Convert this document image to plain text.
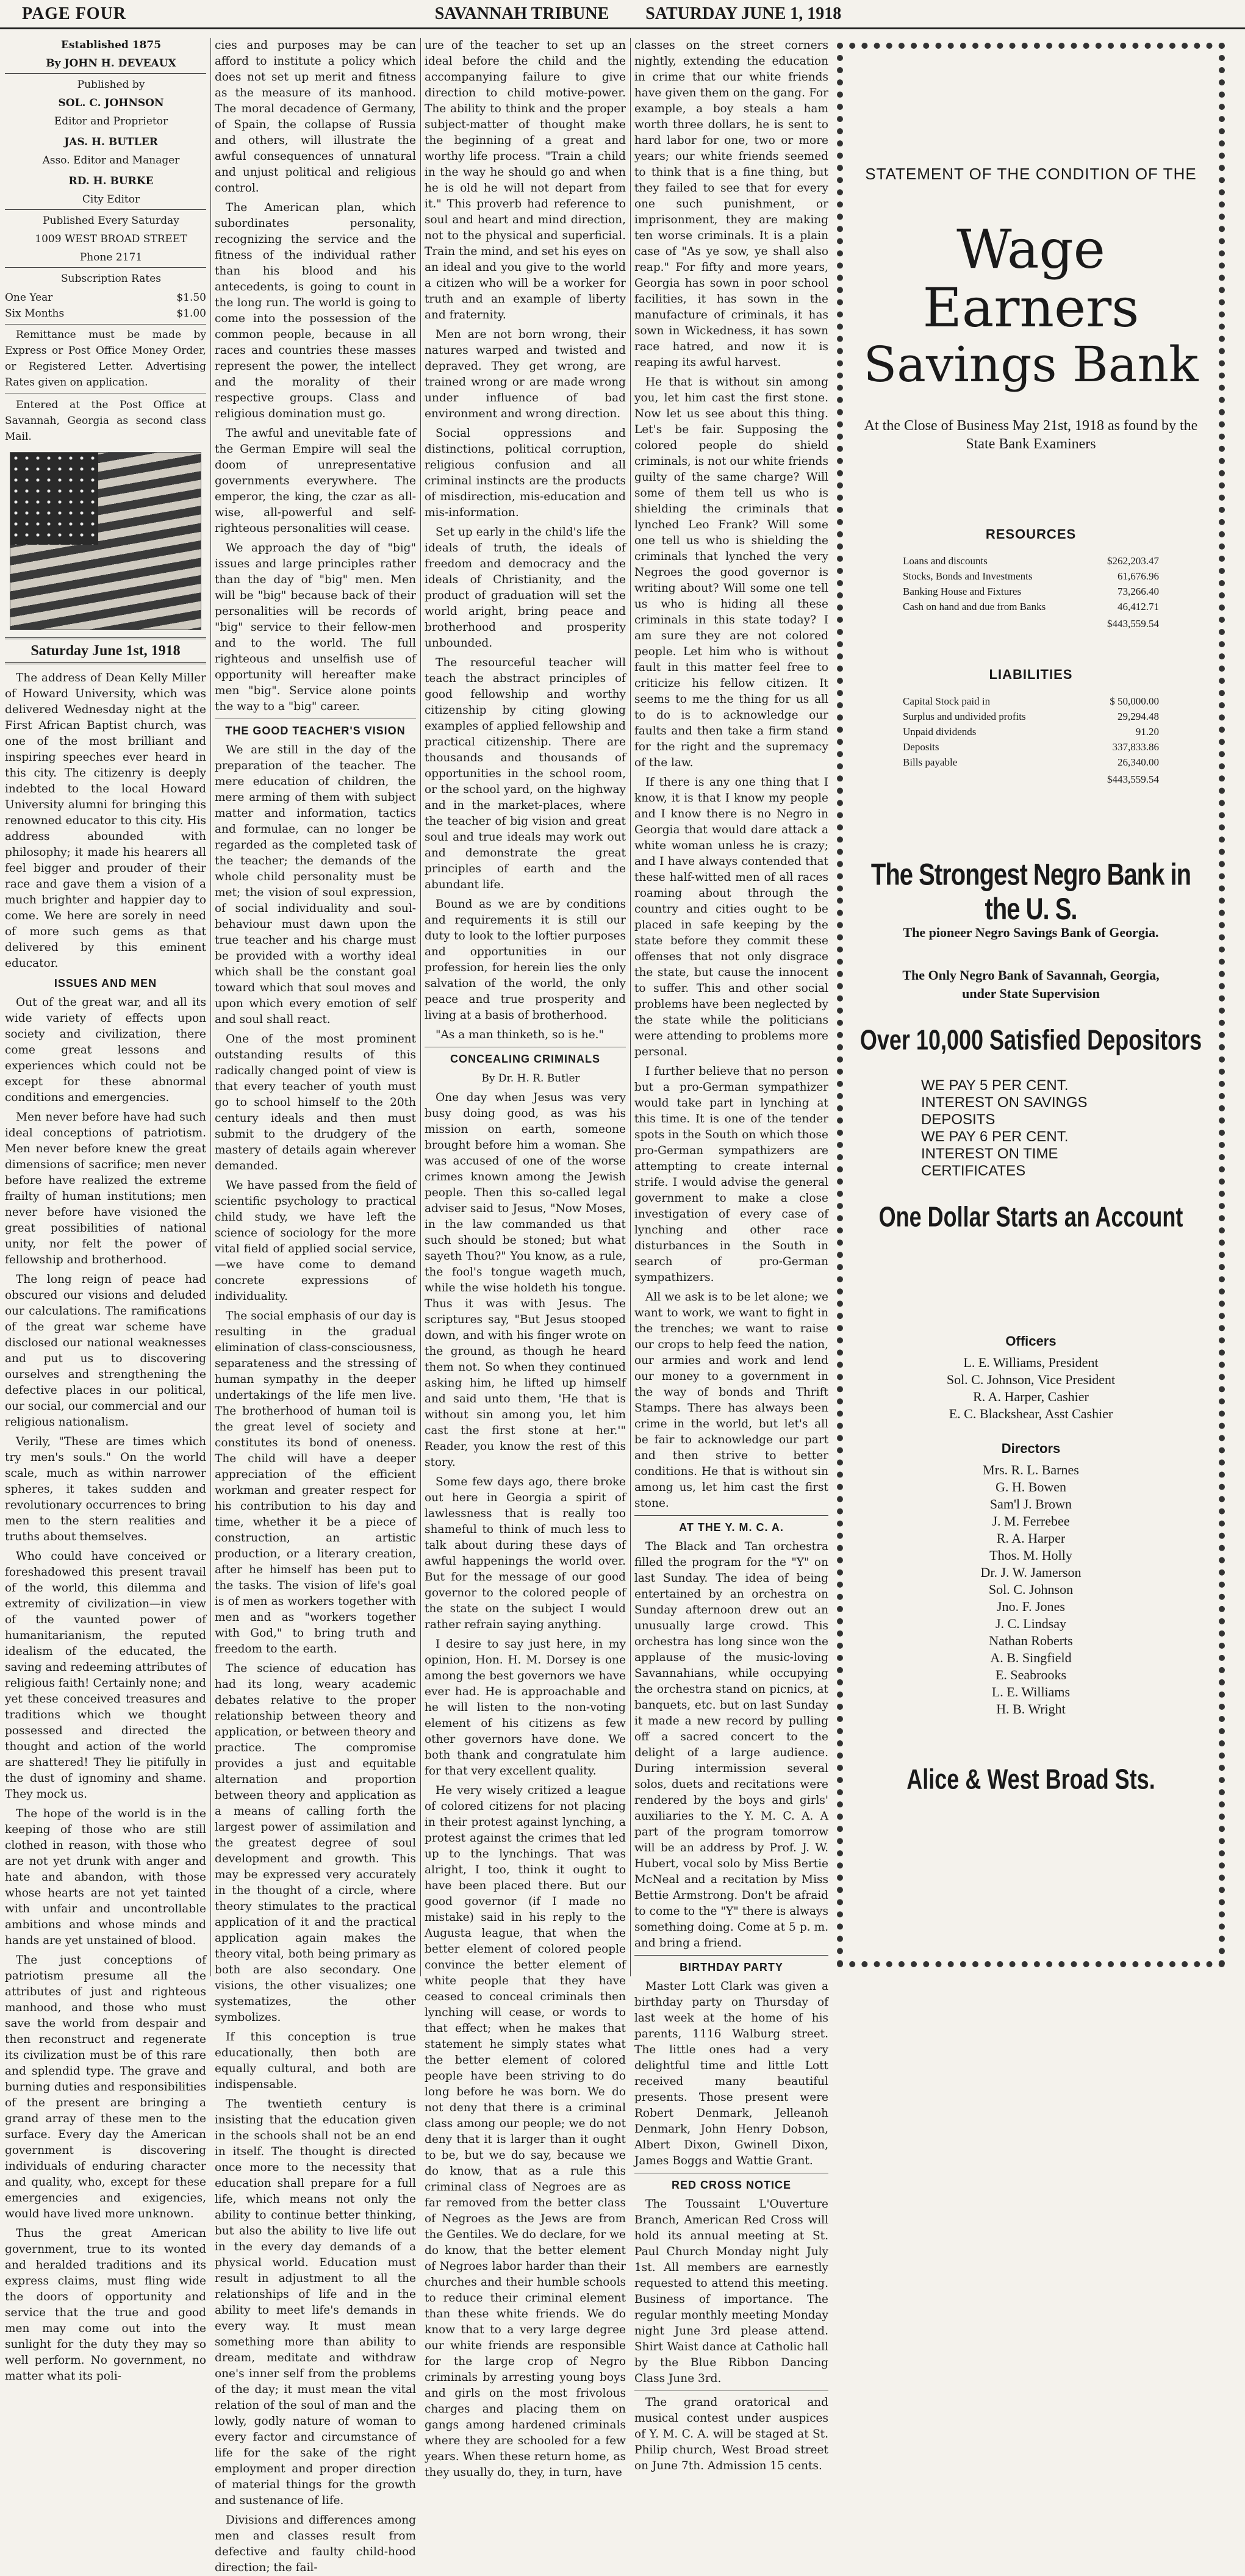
PAGE FOUR	SAVANNAH TRIBUNE SATURDAY JUNE 1, 1918

Established 1875

By JOHN H. DEVEAUX

Published by

SOL. C. JOHNSON

Editor and Proprietor

JAS. H. BUTLER

Asso. Editor and Manager

RD. H. BURKE

City Editor

Published Every Saturday

1009 WEST BROAD STREET

Phone 2171

Subscription Rates

One Year	$1.50
Six Months	$1.00

Remittance must be made by Express or Post Office Money Order, or Registered Letter. Advertising Rates given on application.

Entered at the Post Office at Savannah, Georgia as second class Mail.

Saturday June 1st, 1918

The address of Dean Kelly Miller of Howard University, which was delivered Wednesday night at the First African Baptist church, was one of the most brilliant and inspiring speeches ever heard in this city. The citizenry is deeply indebted to the local Howard University alumni for bringing this renowned educator to this city. His address abounded with philosophy; it made his hearers all feel bigger and prouder of their race and gave them a vision of a much brighter and happier day to come. We here are sorely in need of more such gems as that delivered by this eminent educator.

ISSUES AND MEN

Out of the great war, and all its wide variety of effects upon society and civilization, there come great lessons and experiences which could not be except for these abnormal conditions and emergencies.

Men never before have had such ideal conceptions of patriotism. Men never before knew the great dimensions of sacrifice; men never before have realized the extreme frailty of human institutions; men never before have visioned the great possibilities of national unity, nor felt the power of fellowship and brotherhood.

The long reign of peace had obscured our visions and deluded our calculations. The ramifications of the great war scheme have disclosed our national weaknesses and put us to discovering ourselves and strengthening the defective places in our political, our social, our commercial and our religious nationalism.

Verily, "These are times which try men's souls." On the world scale, much as within narrower spheres, it takes sudden and revolutionary occurrences to bring men to the stern realities and truths about themselves.

Who could have conceived or foreshadowed this present travail of the world, this dilemma and extremity of civilization—in view of the vaunted power of humanitarianism, the reputed idealism of the educated, the saving and redeeming attributes of religious faith! Certainly none; and yet these conceived treasures and traditions which we thought possessed and directed the thought and action of the world are shattered! They lie pitifully in the dust of ignominy and shame. They mock us.

The hope of the world is in the keeping of those who are still clothed in reason, with those who are not yet drunk with anger and hate and abandon, with those whose hearts are not yet tainted with unfair and uncontrollable ambitions and whose minds and hands are yet unstained of blood.

The just conceptions of patriotism presume all the attributes of just and righteous manhood, and those who must save the world from despair and then reconstruct and regenerate its civilization must be of this rare and splendid type. The grave and burning duties and responsibilities of the present are bringing a grand array of these men to the surface. Every day the American government is discovering individuals of enduring character and quality, who, except for these emergencies and exigencies, would have lived more unknown.

Thus the great American government, true to its wonted and heralded traditions and its express claims, must fling wide the doors of opportunity and service that the true and good men may come out into the sunlight for the duty they may so well perform. No government, no matter what its poli-

cies and purposes may be can afford to institute a policy which does not set up merit and fitness as the measure of its manhood. The moral decadence of Germany, of Spain, the collapse of Russia and others, will illustrate the awful consequences of unnatural and unjust political and religious control.

The American plan, which subordinates personality, recognizing the service and the fitness of the individual rather than his blood and his antecedents, is going to count in the long run. The world is going to come into the possession of the common people, because in all races and countries these masses represent the power, the intellect and the morality of their respective groups. Class and religious domination must go.

The awful and unevitable fate of the German Empire will seal the doom of unrepresentative governments everywhere. The emperor, the king, the czar as all-wise, all-powerful and self-righteous personalities will cease.

We approach the day of "big" issues and large principles rather than the day of "big" men. Men will be "big" because back of their personalities will be records of "big" service to their fellow-men and to the world. The full righteous and unselfish use of opportunity will hereafter make men "big". Service alone points the way to a "big" career.

THE GOOD TEACHER'S VISION

We are still in the day of the preparation of the teacher. The mere education of children, the mere arming of them with subject matter and information, tactics and formulae, can no longer be regarded as the completed task of the teacher; the demands of the whole child personality must be met; the vision of soul expression, of social individuality and soul-behaviour must dawn upon the true teacher and his charge must be provided with a worthy ideal which shall be the constant goal toward which that soul moves and upon which every emotion of self and soul shall react.

One of the most prominent outstanding results of this radically changed point of view is that every teacher of youth must go to school himself to the 20th century ideals and then must submit to the drudgery of the mastery of details again wherever demanded.

We have passed from the field of scientific psychology to practical child study, we have left the science of sociology for the more vital field of applied social service,—we have come to demand concrete expressions of individuality.

The social emphasis of our day is resulting in the gradual elimination of class-consciousness, separateness and the stressing of human sympathy in the deeper undertakings of the life men live. The brotherhood of human toil is the great level of society and constitutes its bond of oneness. The child will have a deeper appreciation of the efficient workman and greater respect for his contribution to his day and time, whether it be a piece of construction, an artistic production, or a literary creation, after he himself has been put to the tasks. The vision of life's goal is of men as workers together with men and as "workers together with God," to bring truth and freedom to the earth.

The science of education has had its long, weary academic debates relative to the proper relationship between theory and application, or between theory and practice. The compromise provides a just and equitable alternation and proportion between theory and application as a means of calling forth the largest power of assimilation and the greatest degree of soul development and growth. This may be expressed very accurately in the thought of a circle, where theory stimulates to the practical application of it and the practical application again makes the theory vital, both being primary as both are also secondary. One visions, the other visualizes; one systematizes, the other symbolizes.

If this conception is true educationally, then both are equally cultural, and both are indispensable.

The twentieth century is insisting that the education given in the schools shall not be an end in itself. The thought is directed once more to the necessity that education shall prepare for a full life, which means not only the ability to continue better thinking, but also the ability to live life out in the every day demands of a physical world. Education must result in adjustment to all the relationships of life and in the ability to meet life's demands in every way. It must mean something more than ability to dream, meditate and withdraw one's inner self from the problems of the day; it must mean the vital relation of the soul of man and the lowly, godly nature of woman to every factor and circumstance of life for the sake of the right employment and proper direction of material things for the growth and sustenance of life.

Divisions and differences among men and classes result from defective and faulty child-hood direction; the fail-

ure of the teacher to set up an ideal before the child and the accompanying failure to give direction to child motive-power. The ability to think and the proper subject-matter of thought make the beginning of a great and worthy life process. "Train a child in the way he should go and when he is old he will not depart from it." This proverb had reference to soul and heart and mind direction, not to the physical and superficial. Train the mind, and set his eyes on an ideal and you give to the world a citizen who will be a worker for truth and an example of liberty and fraternity.

Men are not born wrong, their natures warped and twisted and depraved. They get wrong, are trained wrong or are made wrong under influence of bad environment and wrong direction.

Social oppressions and distinctions, political corruption, religious confusion and all criminal instincts are the products of misdirection, mis-education and mis-information.

Set up early in the child's life the ideals of truth, the ideals of freedom and democracy and the ideals of Christianity, and the product of graduation will set the world aright, bring peace and brotherhood and prosperity unbounded.

The resourceful teacher will teach the abstract principles of good fellowship and worthy citizenship by citing glowing examples of applied fellowship and practical citizenship. There are thousands and thousands of opportunities in the school room, or the school yard, on the highway and in the market-places, where the teacher of big vision and great soul and true ideals may work out and demonstrate the great principles of earth and the abundant life.

Bound as we are by conditions and requirements it is still our duty to look to the loftier purposes and opportunities in our profession, for herein lies the only salvation of the world, the only peace and true prosperity and living at a basis of brotherhood.

"As a man thinketh, so is he."

CONCEALING CRIMINALS

By Dr. H. R. Butler

One day when Jesus was very busy doing good, as was his mission on earth, someone brought before him a woman. She was accused of one of the worse crimes known among the Jewish people. Then this so-called legal adviser said to Jesus, "Now Moses, in the law commanded us that such should be stoned; but what sayeth Thou?" You know, as a rule, the fool's tongue wageth much, while the wise holdeth his tongue. Thus it was with Jesus. The scriptures say, "But Jesus stooped down, and with his finger wrote on the ground, as though he heard them not. So when they continued asking him, he lifted up himself and said unto them, 'He that is without sin among you, let him cast the first stone at her.'" Reader, you know the rest of this story.

Some few days ago, there broke out here in Georgia a spirit of lawlessness that is really too shameful to think of much less to talk about during these days of awful happenings the world over. But for the message of our good governor to the colored people of the state on the subject I would rather refrain saying anything.

I desire to say just here, in my opinion, Hon. H. M. Dorsey is one among the best governors we have ever had. He is approachable and he will listen to the non-voting element of his citizens as few other governors have done. We both thank and congratulate him for that very excellent quality.

He very wisely critized a league of colored citizens for not placing in their protest against lynching, a protest against the crimes that led up to the lynchings. That was alright, I too, think it ought to have been placed there. But our good governor (if I made no mistake) said in his reply to the Augusta league, that when the better element of colored people convince the better element of white people that they have ceased to conceal criminals then lynching will cease, or words to that effect; when he makes that statement he simply states what the better element of colored people have been striving to do long before he was born. We do not deny that there is a criminal class among our people; we do not deny that it is larger than it ought to be, but we do say, because we do know, that as a rule this criminal class of Negroes are as far removed from the better class of Negroes as the Jews are from the Gentiles. We do declare, for we do know, that the better element of Negroes labor harder than their churches and their humble schools to reduce their criminal element than these white friends. We do know that to a very large degree our white friends are responsible for the large crop of Negro criminals by arresting young boys and girls on the most frivolous charges and placing them on gangs among hardened criminals where they are schooled for a few years. When these return home, as they usually do, they, in turn, have

classes on the street corners nightly, extending the education in crime that our white friends have given them on the gang. For example, a boy steals a ham worth three dollars, he is sent to hard labor for one, two or more years; our white friends seemed to think that is a fine thing, but they failed to see that for every one such punishment, or imprisonment, they are making ten worse criminals. It is a plain case of "As ye sow, ye shall also reap." For fifty and more years, Georgia has sown in poor school facilities, it has sown in the manufacture of criminals, it has sown in Wickedness, it has sown race hatred, and now it is reaping its awful harvest.

He that is without sin among you, let him cast the first stone. Now let us see about this thing. Let's be fair. Supposing the colored people do shield criminals, is not our white friends guilty of the same charge? Will some of them tell us who is shielding the criminals that lynched Leo Frank? Will some one tell us who is shielding the criminals that lynched the very Negroes the good governor is writing about? Will some one tell us who is hiding all these criminals in this state today? I am sure they are not colored people. Let him who is without fault in this matter feel free to criticize his fellow citizen. It seems to me the thing for us all to do is to acknowledge our faults and then take a firm stand for the right and the supremacy of the law.

If there is any one thing that I know, it is that I know my people and I know there is no Negro in Georgia that would dare attack a white woman unless he is crazy; and I have always contended that these half-witted men of all races roaming about through the country and cities ought to be placed in safe keeping by the state before they commit these offenses that not only disgrace the state, but cause the innocent to suffer. This and other social problems have been neglected by the state while the politicians were attending to problems more personal.

I further believe that no person but a pro-German sympathizer would take part in lynching at this time. It is one of the tender spots in the South on which those pro-German sympathizers are attempting to create internal strife. I would advise the general government to make a close investigation of every case of lynching and other race disturbances in the South in search of pro-German sympathizers.

All we ask is to be let alone; we want to work, we want to fight in the trenches; we want to raise our crops to help feed the nation, our armies and work and lend our money to a government in the way of bonds and Thrift Stamps. There has always been crime in the world, but let's all be fair to acknowledge our part and then strive to better conditions. He that is without sin among us, let him cast the first stone.

AT THE Y. M. C. A.

The Black and Tan orchestra filled the program for the "Y" on last Sunday. The idea of being entertained by an orchestra on Sunday afternoon drew out an unusually large crowd. This orchestra has long since won the applause of the music-loving Savannahians, while occupying the orchestra stand on picnics, at banquets, etc. but on last Sunday it made a new record by pulling off a sacred concert to the delight of a large audience. During intermission several solos, duets and recitations were rendered by the boys and girls' auxiliaries to the Y. M. C. A. A part of the program tomorrow will be an address by Prof. J. W. Hubert, vocal solo by Miss Bertie McNeal and a recitation by Miss Bettie Armstrong. Don't be afraid to come to the "Y" there is always something doing. Come at 5 p. m. and bring a friend.

BIRTHDAY PARTY

Master Lott Clark was given a birthday party on Thursday of last week at the home of his parents, 1116 Walburg street. The little ones had a very delightful time and little Lott received many beautiful presents. Those present were Robert Denmark, Jelleanoh Denmark, John Henry Dobson, Albert Dixon, Gwinell Dixon, James Boggs and Wattie Grant.

RED CROSS NOTICE

The Toussaint L'Ouverture Branch, American Red Cross will hold its annual meeting at St. Paul Church Monday night July 1st. All members are earnestly requested to attend this meeting. Business of importance. The regular monthly meeting Monday night June 3rd please attend. Shirt Waist dance at Catholic hall by the Blue Ribbon Dancing Class June 3rd.

The grand oratorical and musical contest under auspices of Y. M. C. A. will be staged at St. Philip church, West Broad street on June 7th. Admission 15 cents.

STATEMENT OF THE CONDITION OF THE
Wage Earners
Savings Bank
At the Close of Business May 21st, 1918 as found by the State Bank Examiners
RESOURCES
Loans and discounts	$262,203.47
Stocks, Bonds and Investments	61,676.96
Banking House and Fixtures	73,266.40
Cash on hand and due from Banks	46,412.71
$443,559.54
LIABILITIES
Capital Stock paid in	$ 50,000.00
Surplus and undivided profits	29,294.48
Unpaid dividends	91.20
Deposits	337,833.86
Bills payable	26,340.00
$443,559.54
The Strongest Negro Bank in the U. S.
The pioneer Negro Savings Bank of Georgia.
The Only Negro Bank of Savannah, Georgia, under State Supervision
Over 10,000 Satisfied Depositors
WE PAY 5 PER CENT. INTEREST ON SAVINGS DEPOSITS
WE PAY 6 PER CENT. INTEREST ON TIME CERTIFICATES
One Dollar Starts an Account
Officers
L. E. Williams, President
Sol. C. Johnson, Vice President
R. A. Harper, Cashier
E. C. Blackshear, Asst Cashier
Directors
Mrs. R. L. Barnes
G. H. Bowen
Sam'l J. Brown
J. M. Ferrebee
R. A. Harper
Thos. M. Holly
Dr. J. W. Jamerson
Sol. C. Johnson
Jno. F. Jones
J. C. Lindsay
Nathan Roberts
A. B. Singfield
E. Seabrooks
L. E. Williams
H. B. Wright
Alice & West Broad Sts.
